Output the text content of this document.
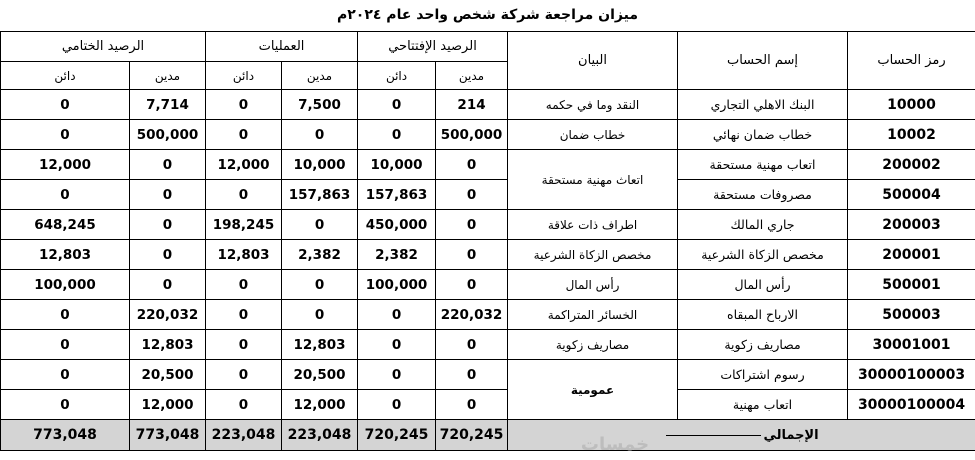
ميزان مراجعة شركة شخص واحد عام ٢٠٢٤م
رمز الحساب	إسم الحساب	البيان	الرصيد الإفتتاحي		العمليات		الرصيد الختامي	
			مدين	دائن	مدين	دائن	مدين	دائن
10000	البنك الاهلي التجاري	النقد وما في حكمه	214	0	7,500	0	7,714	0
10002	خطاب ضمان نهائي	خطاب ضمان	500,000	0	0	0	500,000	0
200002	اتعاب مهنية مستحقة	اتعاث مهنية مستحقة	0	10,000	10,000	12,000	0	12,000
500004	مصروفات مستحقة		0	157,863	157,863	0	0	0
200003	جاري المالك	اطراف ذات علاقة	0	450,000	0	198,245	0	648,245
200001	مخصص الزكاة الشرعية	مخصص الزكاة الشرعية	0	2,382	2,382	12,803	0	12,803
500001	رأس المال	رأس المال	0	100,000	0	0	0	100,000
500003	الارباح المبقاه	الخسائر المتراكمة	220,032	0	0	0	220,032	0
30001001	مصاريف زكوية	مصاريف زكوية	0	0	12,803	0	12,803	0
30000100003	رسوم اشتراكات	عمومية	0	0	20,500	0	20,500	0
30000100004	اتعاب مهنية		0	0	12,000	0	12,000	0
الإجمالي			720,245	720,245	223,048	223,048	773,048	773,048	خمسات
